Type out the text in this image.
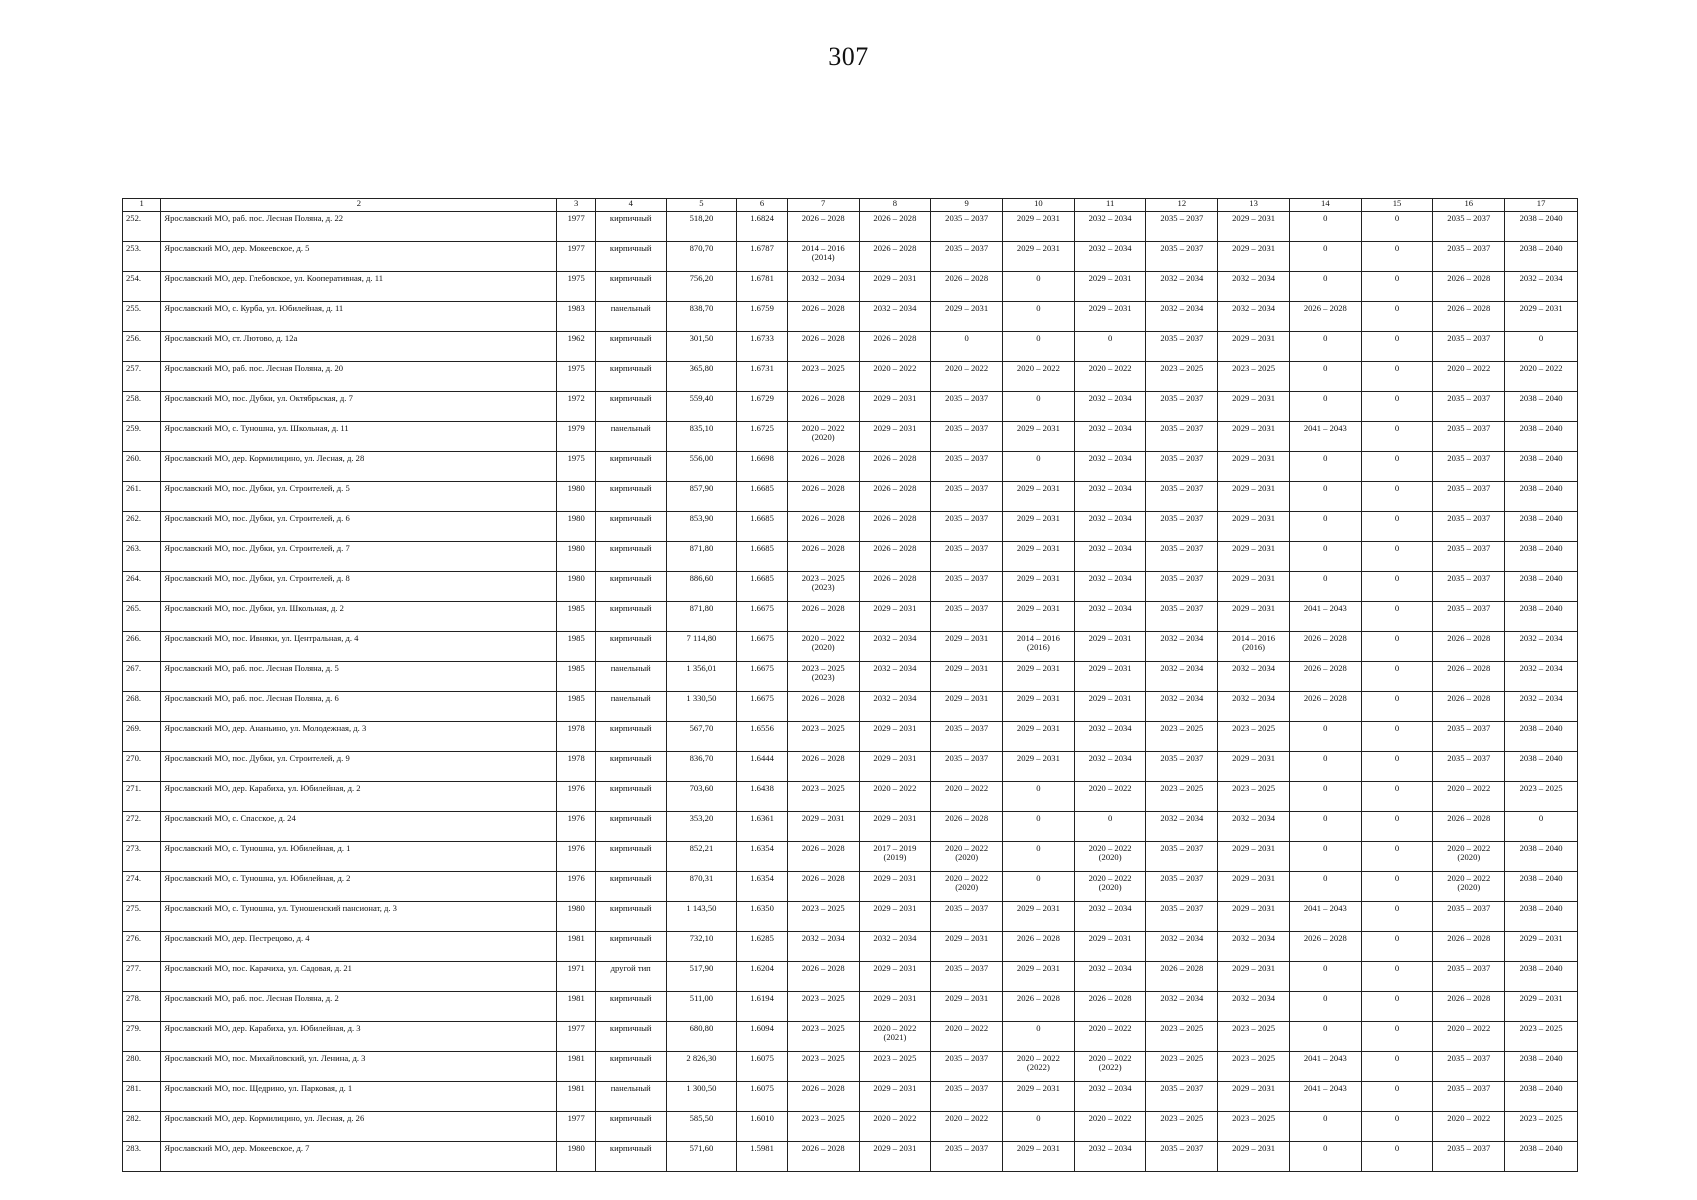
307
1	2	3	4	5	6	7	8	9	10	11	12	13	14	15	16	17

252.	Ярославский МО, раб. пос. Лесная Поляна, д. 22	1977	кирпичный	518,20	1.6824	2026 – 2028	2026 – 2028	2035 – 2037	2029 – 2031	2032 – 2034	2035 – 2037	2029 – 2031	0	0	2035 – 2037	2038 – 2040

253.	Ярославский МО, дер. Мокеевское, д. 5	1977	кирпичный	870,70	1.6787	2014 – 2016
(2014)	2026 – 2028	2035 – 2037	2029 – 2031	2032 – 2034	2035 – 2037	2029 – 2031	0	0	2035 – 2037	2038 – 2040

254.	Ярославский МО, дер. Глебовское, ул. Кооперативная, д. 11	1975	кирпичный	756,20	1.6781	2032 – 2034	2029 – 2031	2026 – 2028	0	2029 – 2031	2032 – 2034	2032 – 2034	0	0	2026 – 2028	2032 – 2034

255.	Ярославский МО, с. Курба, ул. Юбилейная, д. 11	1983	панельный	838,70	1.6759	2026 – 2028	2032 – 2034	2029 – 2031	0	2029 – 2031	2032 – 2034	2032 – 2034	2026 – 2028	0	2026 – 2028	2029 – 2031

256.	Ярославский МО, ст. Лютово, д. 12а	1962	кирпичный	301,50	1.6733	2026 – 2028	2026 – 2028	0	0	0	2035 – 2037	2029 – 2031	0	0	2035 – 2037	0

257.	Ярославский МО, раб. пос. Лесная Поляна, д. 20	1975	кирпичный	365,80	1.6731	2023 – 2025	2020 – 2022	2020 – 2022	2020 – 2022	2020 – 2022	2023 – 2025	2023 – 2025	0	0	2020 – 2022	2020 – 2022

258.	Ярославский МО, пос. Дубки, ул. Октябрьская, д. 7	1972	кирпичный	559,40	1.6729	2026 – 2028	2029 – 2031	2035 – 2037	0	2032 – 2034	2035 – 2037	2029 – 2031	0	0	2035 – 2037	2038 – 2040

259.	Ярославский МО, с. Туношна, ул. Школьная, д. 11	1979	панельный	835,10	1.6725	2020 – 2022
(2020)	2029 – 2031	2035 – 2037	2029 – 2031	2032 – 2034	2035 – 2037	2029 – 2031	2041 – 2043	0	2035 – 2037	2038 – 2040

260.	Ярославский МО, дер. Кормилицино, ул. Лесная, д. 28	1975	кирпичный	556,00	1.6698	2026 – 2028	2026 – 2028	2035 – 2037	0	2032 – 2034	2035 – 2037	2029 – 2031	0	0	2035 – 2037	2038 – 2040

261.	Ярославский МО, пос. Дубки, ул. Строителей, д. 5	1980	кирпичный	857,90	1.6685	2026 – 2028	2026 – 2028	2035 – 2037	2029 – 2031	2032 – 2034	2035 – 2037	2029 – 2031	0	0	2035 – 2037	2038 – 2040

262.	Ярославский МО, пос. Дубки, ул. Строителей, д. 6	1980	кирпичный	853,90	1.6685	2026 – 2028	2026 – 2028	2035 – 2037	2029 – 2031	2032 – 2034	2035 – 2037	2029 – 2031	0	0	2035 – 2037	2038 – 2040

263.	Ярославский МО, пос. Дубки, ул. Строителей, д. 7	1980	кирпичный	871,80	1.6685	2026 – 2028	2026 – 2028	2035 – 2037	2029 – 2031	2032 – 2034	2035 – 2037	2029 – 2031	0	0	2035 – 2037	2038 – 2040

264.	Ярославский МО, пос. Дубки, ул. Строителей, д. 8	1980	кирпичный	886,60	1.6685	2023 – 2025
(2023)	2026 – 2028	2035 – 2037	2029 – 2031	2032 – 2034	2035 – 2037	2029 – 2031	0	0	2035 – 2037	2038 – 2040

265.	Ярославский МО, пос. Дубки, ул. Школьная, д. 2	1985	кирпичный	871,80	1.6675	2026 – 2028	2029 – 2031	2035 – 2037	2029 – 2031	2032 – 2034	2035 – 2037	2029 – 2031	2041 – 2043	0	2035 – 2037	2038 – 2040

266.	Ярославский МО, пос. Ивняки, ул. Центральная, д. 4	1985	кирпичный	7 114,80	1.6675	2020 – 2022
(2020)	2032 – 2034	2029 – 2031	2014 – 2016
(2016)	2029 – 2031	2032 – 2034	2014 – 2016
(2016)	2026 – 2028	0	2026 – 2028	2032 – 2034

267.	Ярославский МО, раб. пос. Лесная Поляна, д. 5	1985	панельный	1 356,01	1.6675	2023 – 2025
(2023)	2032 – 2034	2029 – 2031	2029 – 2031	2029 – 2031	2032 – 2034	2032 – 2034	2026 – 2028	0	2026 – 2028	2032 – 2034

268.	Ярославский МО, раб. пос. Лесная Поляна, д. 6	1985	панельный	1 330,50	1.6675	2026 – 2028	2032 – 2034	2029 – 2031	2029 – 2031	2029 – 2031	2032 – 2034	2032 – 2034	2026 – 2028	0	2026 – 2028	2032 – 2034

269.	Ярославский МО, дер. Ананьино, ул. Молодежная, д. 3	1978	кирпичный	567,70	1.6556	2023 – 2025	2029 – 2031	2035 – 2037	2029 – 2031	2032 – 2034	2023 – 2025	2023 – 2025	0	0	2035 – 2037	2038 – 2040

270.	Ярославский МО, пос. Дубки, ул. Строителей, д. 9	1978	кирпичный	836,70	1.6444	2026 – 2028	2029 – 2031	2035 – 2037	2029 – 2031	2032 – 2034	2035 – 2037	2029 – 2031	0	0	2035 – 2037	2038 – 2040

271.	Ярославский МО, дер. Карабиха, ул. Юбилейная, д. 2	1976	кирпичный	703,60	1.6438	2023 – 2025	2020 – 2022	2020 – 2022	0	2020 – 2022	2023 – 2025	2023 – 2025	0	0	2020 – 2022	2023 – 2025

272.	Ярославский МО, с. Спасское, д. 24	1976	кирпичный	353,20	1.6361	2029 – 2031	2029 – 2031	2026 – 2028	0	0	2032 – 2034	2032 – 2034	0	0	2026 – 2028	0

273.	Ярославский МО, с. Туношна, ул. Юбилейная, д. 1	1976	кирпичный	852,21	1.6354	2026 – 2028	2017 – 2019
(2019)	2020 – 2022
(2020)	0	2020 – 2022
(2020)	2035 – 2037	2029 – 2031	0	0	2020 – 2022
(2020)	2038 – 2040

274.	Ярославский МО, с. Туношна, ул. Юбилейная, д. 2	1976	кирпичный	870,31	1.6354	2026 – 2028	2029 – 2031	2020 – 2022
(2020)	0	2020 – 2022
(2020)	2035 – 2037	2029 – 2031	0	0	2020 – 2022
(2020)	2038 – 2040

275.	Ярославский МО, с. Туношна, ул. Туношенский пансионат, д. 3	1980	кирпичный	1 143,50	1.6350	2023 – 2025	2029 – 2031	2035 – 2037	2029 – 2031	2032 – 2034	2035 – 2037	2029 – 2031	2041 – 2043	0	2035 – 2037	2038 – 2040

276.	Ярославский МО, дер. Пестрецово, д. 4	1981	кирпичный	732,10	1.6285	2032 – 2034	2032 – 2034	2029 – 2031	2026 – 2028	2029 – 2031	2032 – 2034	2032 – 2034	2026 – 2028	0	2026 – 2028	2029 – 2031

277.	Ярославский МО, пос. Карачиха, ул. Садовая, д. 21	1971	другой тип	517,90	1.6204	2026 – 2028	2029 – 2031	2035 – 2037	2029 – 2031	2032 – 2034	2026 – 2028	2029 – 2031	0	0	2035 – 2037	2038 – 2040

278.	Ярославский МО, раб. пос. Лесная Поляна, д. 2	1981	кирпичный	511,00	1.6194	2023 – 2025	2029 – 2031	2029 – 2031	2026 – 2028	2026 – 2028	2032 – 2034	2032 – 2034	0	0	2026 – 2028	2029 – 2031

279.	Ярославский МО, дер. Карабиха, ул. Юбилейная, д. 3	1977	кирпичный	680,80	1.6094	2023 – 2025	2020 – 2022
(2021)	2020 – 2022	0	2020 – 2022	2023 – 2025	2023 – 2025	0	0	2020 – 2022	2023 – 2025

280.	Ярославский МО, пос. Михайловский, ул. Ленина, д. 3	1981	кирпичный	2 826,30	1.6075	2023 – 2025	2023 – 2025	2035 – 2037	2020 – 2022
(2022)	2020 – 2022
(2022)	2023 – 2025	2023 – 2025	2041 – 2043	0	2035 – 2037	2038 – 2040

281.	Ярославский МО, пос. Щедрино, ул. Парковая, д. 1	1981	панельный	1 300,50	1.6075	2026 – 2028	2029 – 2031	2035 – 2037	2029 – 2031	2032 – 2034	2035 – 2037	2029 – 2031	2041 – 2043	0	2035 – 2037	2038 – 2040

282.	Ярославский МО, дер. Кормилицино, ул. Лесная, д. 26	1977	кирпичный	585,50	1.6010	2023 – 2025	2020 – 2022	2020 – 2022	0	2020 – 2022	2023 – 2025	2023 – 2025	0	0	2020 – 2022	2023 – 2025

283.	Ярославский МО, дер. Мокеевское, д. 7	1980	кирпичный	571,60	1.5981	2026 – 2028	2029 – 2031	2035 – 2037	2029 – 2031	2032 – 2034	2035 – 2037	2029 – 2031	0	0	2035 – 2037	2038 – 2040
